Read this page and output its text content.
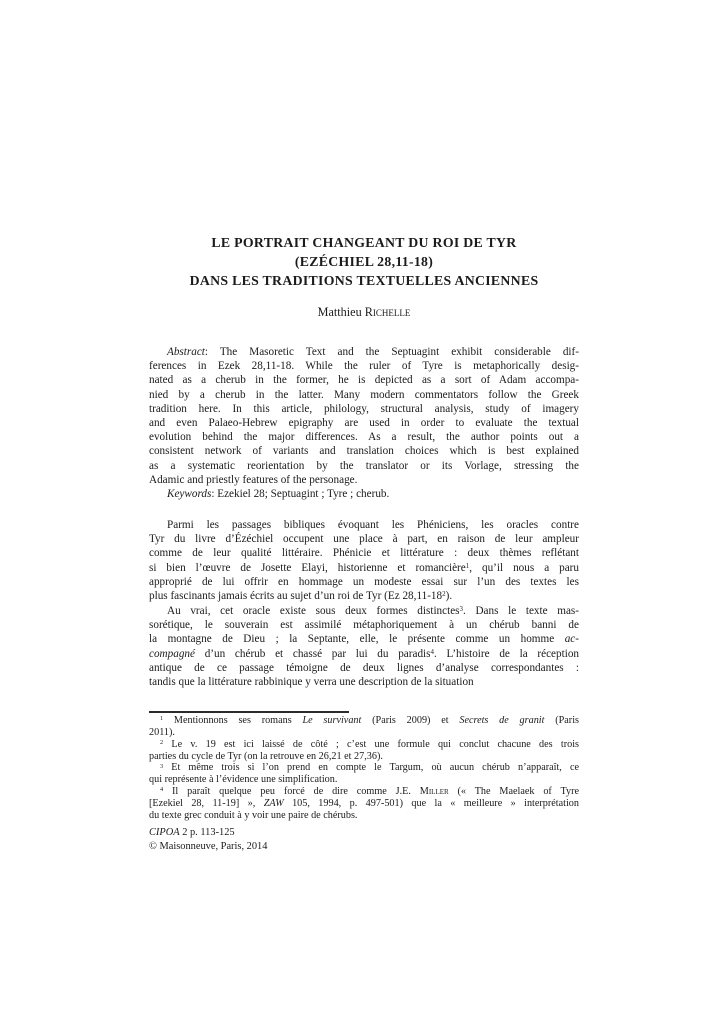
LE PORTRAIT CHANGEANT DU ROI DE TYR
(EZÉCHIEL 28,11-18)
DANS LES TRADITIONS TEXTUELLES ANCIENNES
Matthieu Richelle
Abstract: The Masoretic Text and the Septuagint exhibit considerable dif-
ferences in Ezek 28,11-18. While the ruler of Tyre is metaphorically desig-
nated as a cherub in the former, he is depicted as a sort of Adam accompa-
nied by a cherub in the latter. Many modern commentators follow the Greek
tradition here. In this article, philology, structural analysis, study of imagery
and even Palaeo-Hebrew epigraphy are used in order to evaluate the textual
evolution behind the major differences. As a result, the author points out a
consistent network of variants and translation choices which is best explained
as a systematic reorientation by the translator or its Vorlage, stressing the
Adamic and priestly features of the personage.
Keywords: Ezekiel 28; Septuagint ; Tyre ; cherub.
Parmi les passages bibliques évoquant les Phéniciens, les oracles contre
Tyr du livre d’Ézéchiel occupent une place à part, en raison de leur ampleur
comme de leur qualité littéraire. Phénicie et littérature : deux thèmes reflétant
si bien l’œuvre de Josette Elayi, historienne et romancière$^1$, qu’il nous a paru
approprié de lui offrir en hommage un modeste essai sur l’un des textes les
plus fascinants jamais écrits au sujet d’un roi de Tyr (Ez $28,11-18^2$).
Au vrai, cet oracle existe sous deux formes distinctes$^3$. Dans le texte mas-
sorétique, le souverain est assimilé métaphoriquement à un chérub banni de
la montagne de Dieu ; la Septante, elle, le présente comme un homme ac-
compagné d’un chérub et chassé par lui du paradis$^4$. L’histoire de la réception
antique de ce passage témoigne de deux lignes d’analyse correspondantes :
tandis que la littérature rabbinique y verra une description de la situation
$^1$ Mentionnons ses romans Le survivant (Paris 2009) et Secrets de granit (Paris
2011).
$^2$ Le v. 19 est ici laissé de côté ; c’est une formule qui conclut chacune des trois
parties du cycle de Tyr (on la retrouve en 26,21 et 27,36).
$^3$ Et même trois si l’on prend en compte le Targum, où aucun chérub n’apparaît, ce
qui représente à l’évidence une simplification.
$^4$ Il paraît quelque peu forcé de dire comme J.E. Miller (« The Maelaek of Tyre
[Ezekiel 28, 11-19] », ZAW 105, 1994, p. 497-501) que la « meilleure » interprétation
du texte grec conduit à y voir une paire de chérubs.
CIPOA 2 p. 113-125
© Maisonneuve, Paris, 2014
